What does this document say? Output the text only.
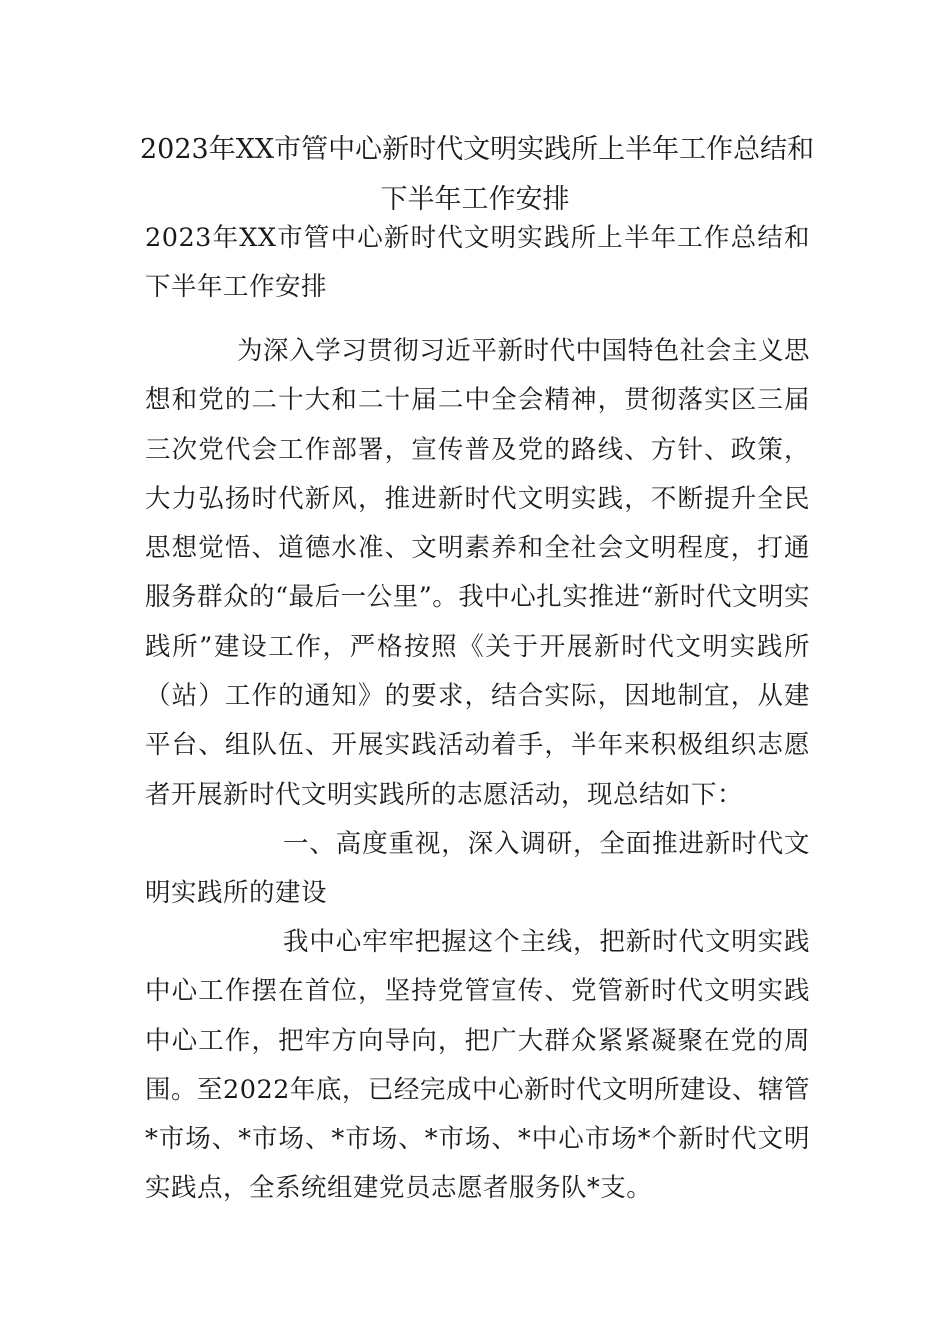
2023年XX市管中心新时代文明实践所上半年工作总结和
下半年工作安排

2023年XX市管中心新时代文明实践所上半年工作总结和下半年工作安排

为深入学习贯彻习近平新时代中国特色社会主义思想和党的二十大和二十届二中全会精神，贯彻落实区三届三次党代会工作部署，宣传普及党的路线、方针、政策，大力弘扬时代新风，推进新时代文明实践，不断提升全民思想觉悟、道德水准、文明素养和全社会文明程度，打通服务群众的“最后一公里”。我中心扎实推进“新时代文明实践所”建设工作，严格按照《关于开展新时代文明实践所（站）工作的通知》的要求，结合实际，因地制宜，从建平台、组队伍、开展实践活动着手，半年来积极组织志愿者开展新时代文明实践所的志愿活动，现总结如下：

一、高度重视，深入调研，全面推进新时代文明实践所的建设

我中心牢牢把握这个主线，把新时代文明实践中心工作摆在首位，坚持党管宣传、党管新时代文明实践中心工作，把牢方向导向，把广大群众紧紧凝聚在党的周围。至2022年底，已经完成中心新时代文明所建设、辖管*市场、*市场、*市场、*市场、*中心市场*个新时代文明实践点，全系统组建党员志愿者服务队*支。
